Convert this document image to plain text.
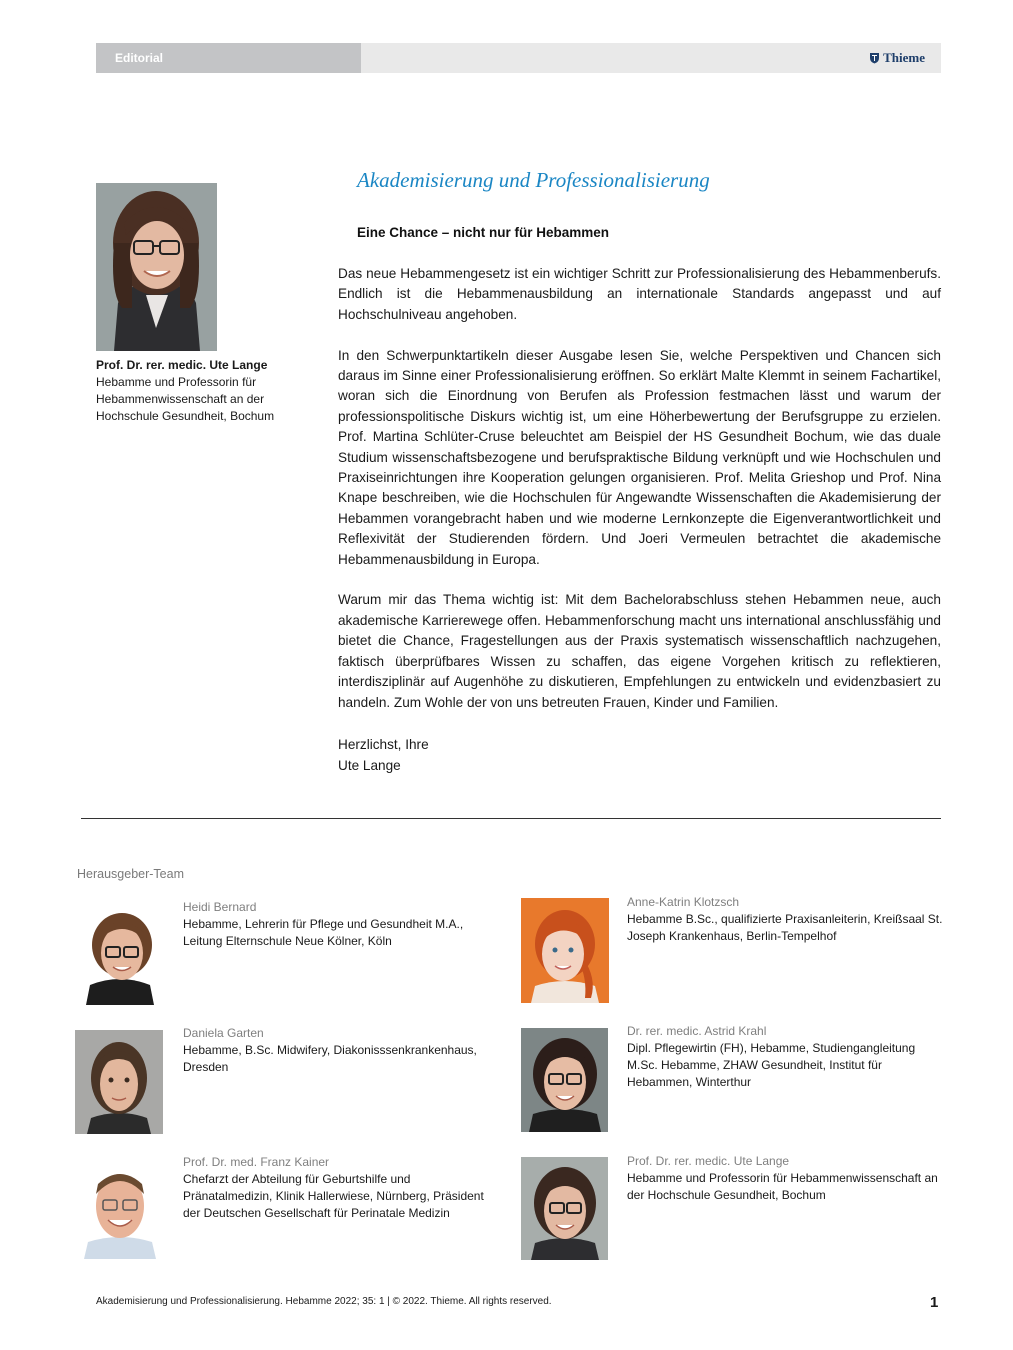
Editorial	Thieme
Prof. Dr. rer. medic. Ute Lange
Hebamme und Professorin für Hebammenwissenschaft an der Hochschule Gesundheit, Bochum
Akademisierung und Professionalisierung
Eine Chance – nicht nur für Hebammen

Das neue Hebammengesetz ist ein wichtiger Schritt zur Professionalisierung des Hebammenberufs. Endlich ist die Hebammenausbildung an internationale Standards angepasst und auf Hochschulniveau angehoben.

In den Schwerpunktartikeln dieser Ausgabe lesen Sie, welche Perspektiven und Chancen sich daraus im Sinne einer Professionalisierung eröffnen. So erklärt Malte Klemmt in seinem Fachartikel, woran sich die Einordnung von Berufen als Profession festmachen lässt und warum der professionspolitische Diskurs wichtig ist, um eine Höherbewertung der Berufsgruppe zu erzielen. Prof. Martina Schlüter-Cruse beleuchtet am Beispiel der HS Gesundheit Bochum, wie das duale Studium wissenschaftsbezogene und berufspraktische Bildung verknüpft und wie Hochschulen und Praxiseinrichtungen ihre Kooperation gelungen organisieren. Prof. Melita Grieshop und Prof. Nina Knape beschreiben, wie die Hochschulen für Angewandte Wissenschaften die Akademisierung der Hebammen vorangebracht haben und wie moderne Lernkonzepte die Eigenverantwortlichkeit und Reflexivität der Studierenden fördern. Und Joeri Vermeulen betrachtet die akademische Hebammenausbildung in Europa.

Warum mir das Thema wichtig ist: Mit dem Bachelorabschluss stehen Hebammen neue, auch akademische Karrierewege offen. Hebammenforschung macht uns international anschlussfähig und bietet die Chance, Fragestellungen aus der Praxis systematisch wissenschaftlich nachzugehen, faktisch überprüfbares Wissen zu schaffen, das eigene Vorgehen kritisch zu reflektieren, interdisziplinär auf Augenhöhe zu diskutieren, Empfehlungen zu entwickeln und evidenzbasiert zu handeln. Zum Wohle der von uns betreuten Frauen, Kinder und Familien.

Herzlichst, Ihre
Ute Lange
Herausgeber-Team
Heidi Bernard
Hebamme, Lehrerin für Pflege und Gesundheit M.A., Leitung Elternschule Neue Kölner, Köln
Anne-Katrin Klotzsch
Hebamme B.Sc., qualifizierte Praxisanleiterin, Kreißsaal St. Joseph Krankenhaus, Berlin-Tempelhof
Daniela Garten
Hebamme, B.Sc. Midwifery, Diakonisssenkrankenhaus, Dresden
Dr. rer. medic. Astrid Krahl
Dipl. Pflegewirtin (FH), Hebamme, Studiengangleitung M.Sc. Hebamme, ZHAW Gesundheit, Institut für Hebammen, Winterthur
Prof. Dr. med. Franz Kainer
Chefarzt der Abteilung für Geburtshilfe und Pränatalmedizin, Klinik Hallerwiese, Nürnberg, Präsident der Deutschen Gesellschaft für Perinatale Medizin
Prof. Dr. rer. medic. Ute Lange
Hebamme und Professorin für Hebammenwissenschaft an der Hochschule Gesundheit, Bochum
Akademisierung und Professionalisierung. Hebamme 2022; 35: 1 | © 2022. Thieme. All rights reserved.	1
